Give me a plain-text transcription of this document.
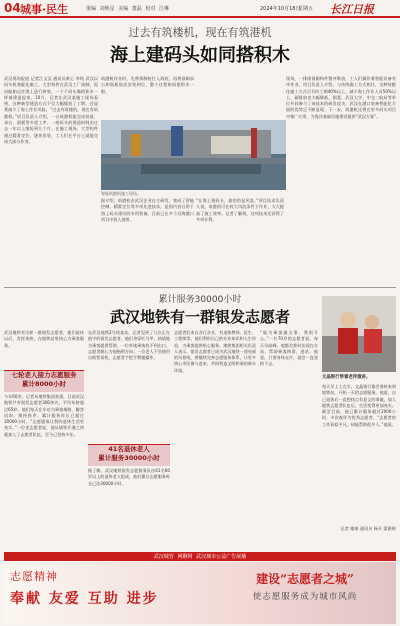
04 城事·民生	策编 刘焕星 美编 董磊 校对 江琳	2024年10月18日
星期五 长江日报
过去有筑楼机，现在有筑港机
海上建码头如同搭积木
武汉现场报道 记者江文汉 通讯员黄心 李筠 武汉以码头机装配化施工，大型构件在武汉工厂预制，再由船舶运往海上进行拼装，一个个码头像搭积木一样被建造起来。10月，记者在武汉某施工现场看到，这种新型建造方式不仅大幅缩短了工期，还显著减少了海上作业风险。“过去有筑楼机，现在有筑港机。”项目负责人介绍，一台筑港机能完成桩基、承台、面板等多道工序，一座码头的建造时间由过去一年以上缩短到几个月。在施工现场，大型构件通过精准定位、逐块吊装，工人们在平台上就能完成大部分作业。
筑港机作业时，先将预制桩打入海底，再将预制承台和面板依次安装到位，整个过程如同搭积木一般。
智能筑港机施工现场。
据介绍，筑港机由武汉企业自主研发，集成了智能控制、精准定位等多项先进技术，是国内首台用于海上码头建设的专用装备。目前已在多个沿海港口项目中投入使用。
“在海上建码头，最怕的是风浪。”项目技术负责人说，筑港机可在较大风浪条件下作业，大大提高了施工效率。记者了解到，这项技术还获得了多项专利。
现场，一排排预制构件整齐堆放，工人们操作着智能设备有序作业。项目负责人介绍，与传统施工方式相比，这种装配化施工方式可节约工期40%以上，减少海上作业人员50%以上，碳排放也大幅降低。据悉，武汉大学、中交二航局等单位共同参与了该技术的研发攻关，武汉在港口装备智能化方面的优势正不断显现。下一步，筑港机还将在更多码头项目中推广应用，为海洋基础设施建设提供“武汉方案”。
累计服务30000小时
武汉地铁有一群银发志愿者
武汉地铁有这样一群银发志愿者，他们退休以后，发挥余热，在地铁站里热心为乘客服务。
七轮老人接力志愿服务
累计8000小时
今年60岁，记者从地铁集团获悉，目前武汉地铁共有银发志愿者300余名，平均年龄超过65岁。他们每天在车站为乘客指路、解答问询、维持秩序，累计服务时长已超过30000小时。“志愿服务让我的退休生活更充实。”一位老志愿者说，他从地铁开通之初就加入了志愿者队伍，至今已坚持多年。
在武汉地铁2号线某站，记者见到了几位正在值守的银发志愿者。他们身穿红马甲，热情地为乘客提供帮助。一位外地乘客找不到出口，志愿者耐心为他指明方向；一位老人不会使用自助售票机，志愿者手把手教她操作。
41名退休老人
累计服务30000小时
据了解，武汉地铁银发志愿服务队由41名60岁以上的退休老人组成，他们累计志愿服务时长已达30000小时。
志愿者们来自各行各业，有退休教师、医生、工程师等。他们利用自己的专业知识和人生经验，为乘客提供贴心服务。地铁集团相关负责人表示，银发志愿者已成为武汉地铁一道亮丽的风景线，将继续完善志愿服务体系，让更多热心市民参与进来，共同营造文明和谐的乘车环境。
“能为乘客做点事，我很开心。”一位70岁的志愿者说。每天早高峰，他都会准时出现在车站，帮助乘客购票、进站。他说，只要身体允许，就会一直坚持下去。
文晶银行带着老伴演讲。
每天早上七点半，文晶银行都会准时来到地铁站，开始一天的志愿服务。他说，自己退休后一直想找点有意义的事做，加入地铁志愿者队伍后，生活变得更加充实。截至目前，他已累计服务超过2000小时，多次被评为优秀志愿者。“志愿者的工作看似平凡，却能帮助很多人。”他说。
记者 谢康 通讯员 杨开 蒙雅婷
武汉城管 网聊网 武汉城市公益广告展播
志愿精神
奉献 友爱 互助 进步
建设“志愿者之城”
使志愿服务成为城市风尚
